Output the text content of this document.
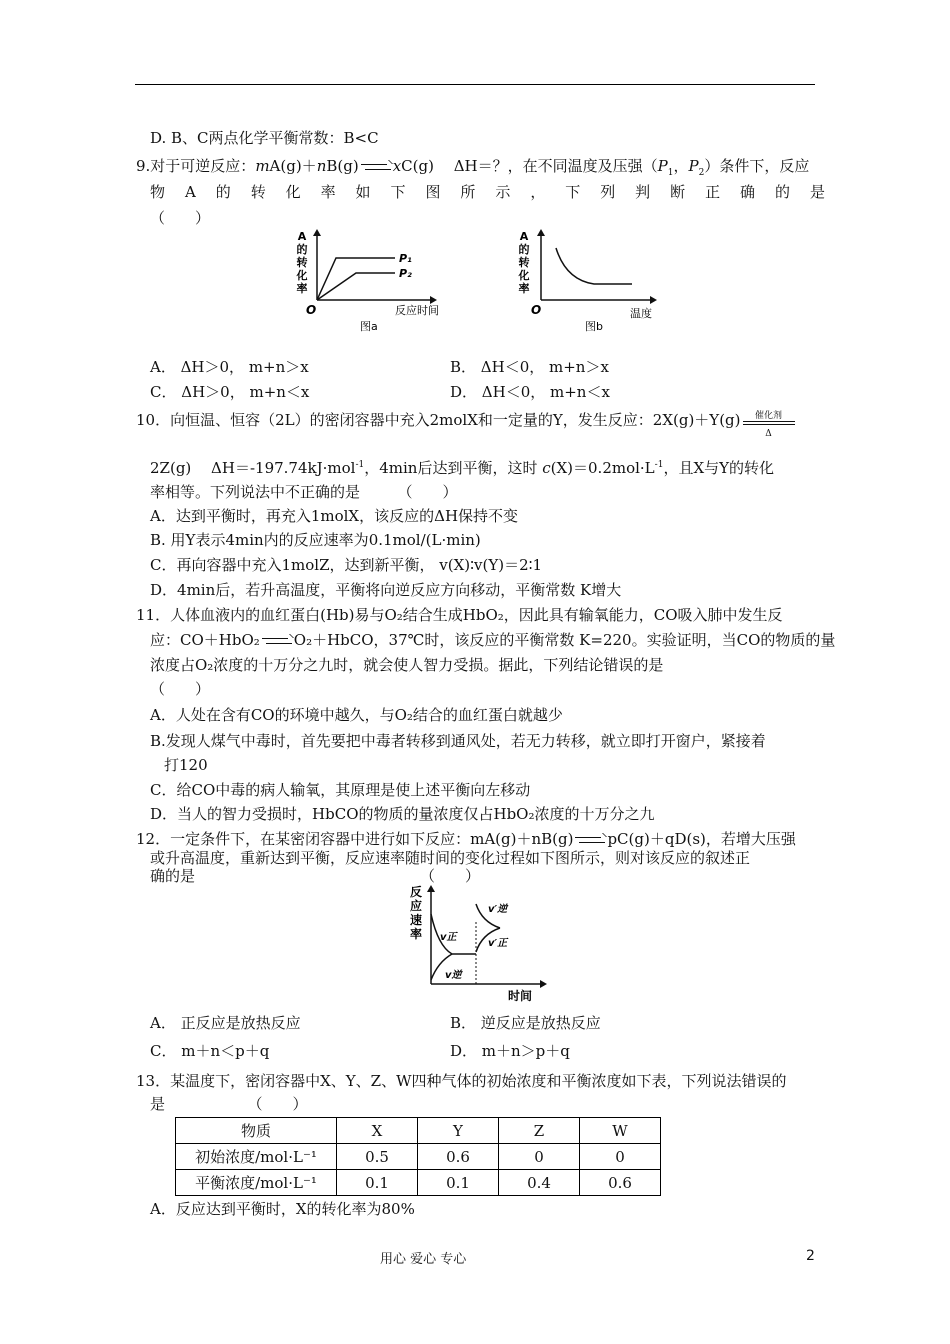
D. B、C两点化学平衡常数：B<C
9.对于可逆反应：mA(g)＋nB(g) xC(g)　 ΔH＝？，在不同温度及压强（$P_1$，$P_2$）条件下，反应
物 A 的 转 化 率 如 下 图 所 示 ， 下 列 判 断 正 确 的 是
（　　）
A
的
转
化
率
P₁
P₂
O	反应时间
图a
A
的
转
化
率
O	温度
图b
A． ΔH＞0， m+n＞x	B． ΔH＜0， m+n＞x
C． ΔH＞0， m+n＜x	D． ΔH＜0， m+n＜x
10．向恒温、恒容（2L）的密闭容器中充入2molX和一定量的Y，发生反应：2X(g)＋Y(g)	催化剂
Δ
2Z(g)　 ΔH＝-197.74kJ·mol$^{-1}$，4min后达到平衡，这时 $c(X)=0.2mol\cdot L^{-1}$，且X与Y的转化
率相等。下列说法中不正确的是　　　（　　）
A．达到平衡时，再充入1molX，该反应的ΔH保持不变
B. 用Y表示4min内的反应速率为0.1mol/(L·min)
C．再向容器中充入1molZ，达到新平衡， v(X)∶v(Y)＝2∶1
D．4min后，若升高温度，平衡将向逆反应方向移动，平衡常数 K增大
11．人体血液内的血红蛋白(Hb)易与O₂结合生成HbO₂，因此具有输氧能力，CO吸入肺中发生反
应：CO＋HbO₂ O₂＋HbCO，37℃时，该反应的平衡常数 K=220。实验证明，当CO的物质的量
浓度占O₂浓度的十万分之九时，就会使人智力受损。据此，下列结论错误的是
（　　）
A．人处在含有CO的环境中越久，与O₂结合的血红蛋白就越少
B.发现人煤气中毒时，首先要把中毒者转移到通风处，若无力转移，就立即打开窗户，紧接着
打120
C．给CO中毒的病人输氧，其原理是使上述平衡向左移动
D．当人的智力受损时，HbCO的物质的量浓度仅占HbO₂浓度的十万分之九
12．一定条件下，在某密闭容器中进行如下反应：mA(g)＋nB(g) pC(g)＋qD(s)，若增大压强
或升高温度，重新达到平衡，反应速率随时间的变化过程如下图所示，则对该反应的叙述正
确的是	（　　）
反
应
速
率 v正
v逆
v′逆
v′正
时间
A． 正反应是放热反应	B． 逆反应是放热反应
C． m＋n＜p＋q	D． m＋n＞p＋q
13．某温度下，密闭容器中X、Y、Z、W四种气体的初始浓度和平衡浓度如下表，下列说法错误的
是　　　　　　（　　）
物质	X	Y	Z	W
初始浓度/mol·L⁻¹	0.5	0.6	0	0
平衡浓度/mol·L⁻¹	0.1	0.1	0.4	0.6
A．反应达到平衡时，X的转化率为80%
用心 爱心 专心	2
